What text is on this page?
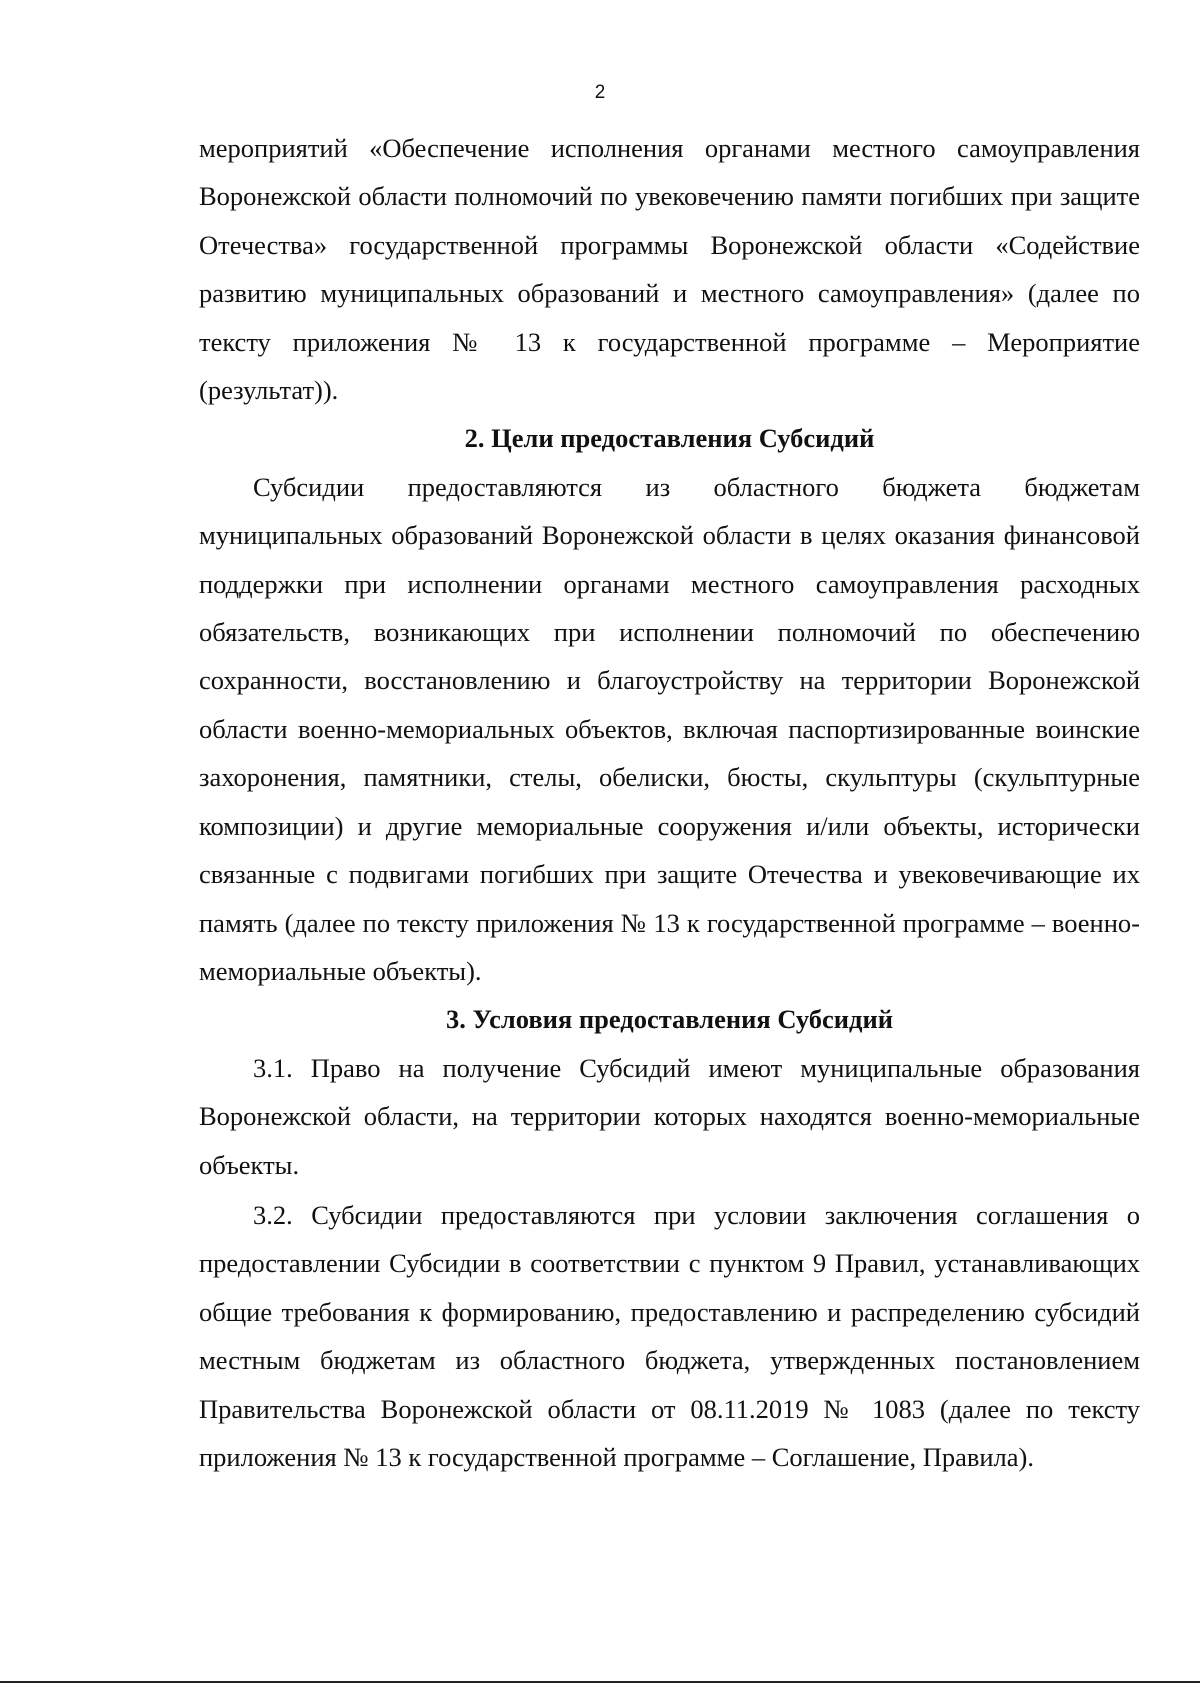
2

мероприятий «Обеспечение исполнения органами местного самоуправления Воронежской области полномочий по увековечению памяти погибших при защите Отечества» государственной программы Воронежской области «Содействие развитию муниципальных образований и местного самоуправления» (далее по тексту приложения № 13 к государственной программе – Мероприятие (результат)).

2. Цели предоставления Субсидий

Субсидии предоставляются из областного бюджета бюджетам муниципальных образований Воронежской области в целях оказания финансовой поддержки при исполнении органами местного самоуправления расходных обязательств, возникающих при исполнении полномочий по обеспечению сохранности, восстановлению и благоустройству на территории Воронежской области военно-мемориальных объектов, включая паспортизированные воинские захоронения, памятники, стелы, обелиски, бюсты, скульптуры (скульптурные композиции) и другие мемориальные сооружения и/или объекты, исторически связанные с подвигами погибших при защите Отечества и увековечивающие их память (далее по тексту приложения № 13 к государственной программе – военно-мемориальные объекты).

3. Условия предоставления Субсидий

3.1. Право на получение Субсидий имеют муниципальные образования Воронежской области, на территории которых находятся военно-мемориальные объекты.

3.2. Субсидии предоставляются при условии заключения соглашения о предоставлении Субсидии в соответствии с пунктом 9 Правил, устанавливающих общие требования к формированию, предоставлению и распределению субсидий местным бюджетам из областного бюджета, утвержденных постановлением Правительства Воронежской области от 08.11.2019 № 1083 (далее по тексту приложения № 13 к государственной программе – Соглашение, Правила).
